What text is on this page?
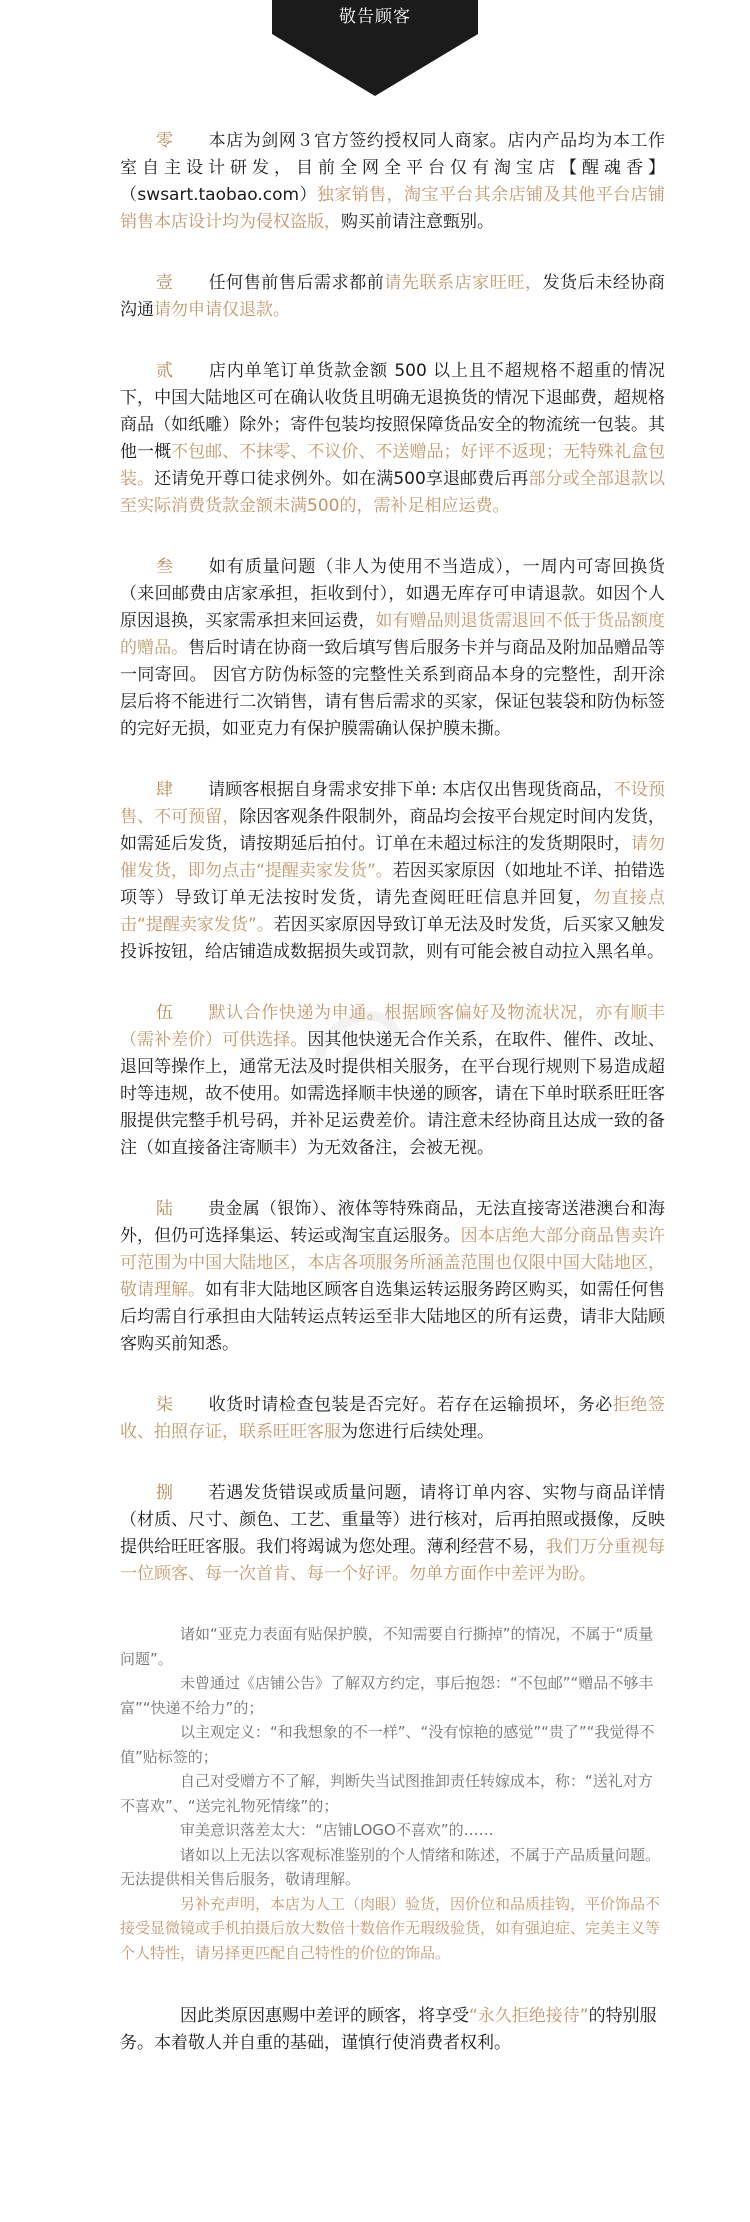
敬告顾客

零 本店为剑网３官方签约授权同人商家。店内产品均为本工作室自主设计研发，目前全网全平台仅有淘宝店【醒魂香】（swsart.taobao.com）独家销售，淘宝平台其余店铺及其他平台店铺销售本店设计均为侵权盗版，购买前请注意甄别。

壹 任何售前售后需求都前请先联系店家旺旺，发货后未经协商沟通请勿申请仅退款。

贰 店内单笔订单货款金额 500 以上且不超规格不超重的情况下，中国大陆地区可在确认收货且明确无退换货的情况下退邮费，超规格商品（如纸雕）除外；寄件包装均按照保障货品安全的物流统一包装。其他一概不包邮、不抹零、不议价、不送赠品；好评不返现；无特殊礼盒包装。还请免开尊口徒求例外。如在满500享退邮费后再部分或全部退款以至实际消费货款金额未满500的，需补足相应运费。

叁 如有质量问题（非人为使用不当造成），一周内可寄回换货（来回邮费由店家承担，拒收到付），如遇无库存可申请退款。如因个人原因退换，买家需承担来回运费，如有赠品则退货需退回不低于货品额度的赠品。售后时请在协商一致后填写售后服务卡并与商品及附加品赠品等一同寄回。 因官方防伪标签的完整性关系到商品本身的完整性，刮开涂层后将不能进行二次销售，请有售后需求的买家，保证包装袋和防伪标签的完好无损，如亚克力有保护膜需确认保护膜未撕。

肆 请顾客根据自身需求安排下单: 本店仅出售现货商品，不设预售、不可预留，除因客观条件限制外，商品均会按平台规定时间内发货，如需延后发货，请按期延后拍付。订单在未超过标注的发货期限时，请勿催发货，即勿点击“提醒卖家发货”。若因买家原因（如地址不详、拍错选项等）导致订单无法按时发货，请先查阅旺旺信息并回复，勿直接点击“提醒卖家发货”。若因买家原因导致订单无法及时发货，后买家又触发投诉按钮，给店铺造成数据损失或罚款，则有可能会被自动拉入黑名单。

伍 默认合作快递为申通。根据顾客偏好及物流状况，亦有顺丰（需补差价）可供选择。因其他快递无合作关系，在取件、催件、改址、退回等操作上，通常无法及时提供相关服务，在平台现行规则下易造成超时等违规，故不使用。如需选择顺丰快递的顾客，请在下单时联系旺旺客服提供完整手机号码，并补足运费差价。请注意未经协商且达成一致的备注（如直接备注寄顺丰）为无效备注，会被无视。

陆 贵金属（银饰）、液体等特殊商品，无法直接寄送港澳台和海外，但仍可选择集运、转运或淘宝直运服务。因本店绝大部分商品售卖许可范围为中国大陆地区，本店各项服务所涵盖范围也仅限中国大陆地区，敬请理解。如有非大陆地区顾客自选集运转运服务跨区购买，如需任何售后均需自行承担由大陆转运点转运至非大陆地区的所有运费，请非大陆顾客购买前知悉。

柒 收货时请检查包装是否完好。若存在运输损坏，务必拒绝签收、拍照存证，联系旺旺客服为您进行后续处理。

捌 若遇发货错误或质量问题，请将订单内容、实物与商品详情（材质、尺寸、颜色、工艺、重量等）进行核对，后再拍照或摄像，反映提供给旺旺客服。我们将竭诚为您处理。薄利经营不易，我们万分重视每一位顾客、每一次首肯、每一个好评。勿单方面作中差评为盼。

诸如“亚克力表面有贴保护膜，不知需要自行撕掉”的情况，不属于“质量问题”。

未曾通过《店铺公告》了解双方约定，事后抱怨：“不包邮”“赠品不够丰富”“快递不给力”的；

以主观定义：“和我想象的不一样”、“没有惊艳的感觉”“贵了”“我觉得不值”贴标签的；

自己对受赠方不了解，判断失当试图推卸责任转嫁成本，称：“送礼对方不喜欢”、“送完礼物死情缘”的；

审美意识落差太大：“店铺LOGO不喜欢”的……

诸如以上无法以客观标准鉴别的个人情绪和陈述，不属于产品质量问题。无法提供相关售后服务，敬请理解。

另补充声明，本店为人工（肉眼）验货，因价位和品质挂钩，平价饰品不接受显微镜或手机拍摄后放大数倍十数倍作无瑕级验货，如有强迫症、完美主义等个人特性，请另择更匹配自己特性的价位的饰品。

因此类原因惠赐中差评的顾客，将享受“永久拒绝接待”的特别服务。本着敬人并自重的基础，谨慎行使消费者权利。
